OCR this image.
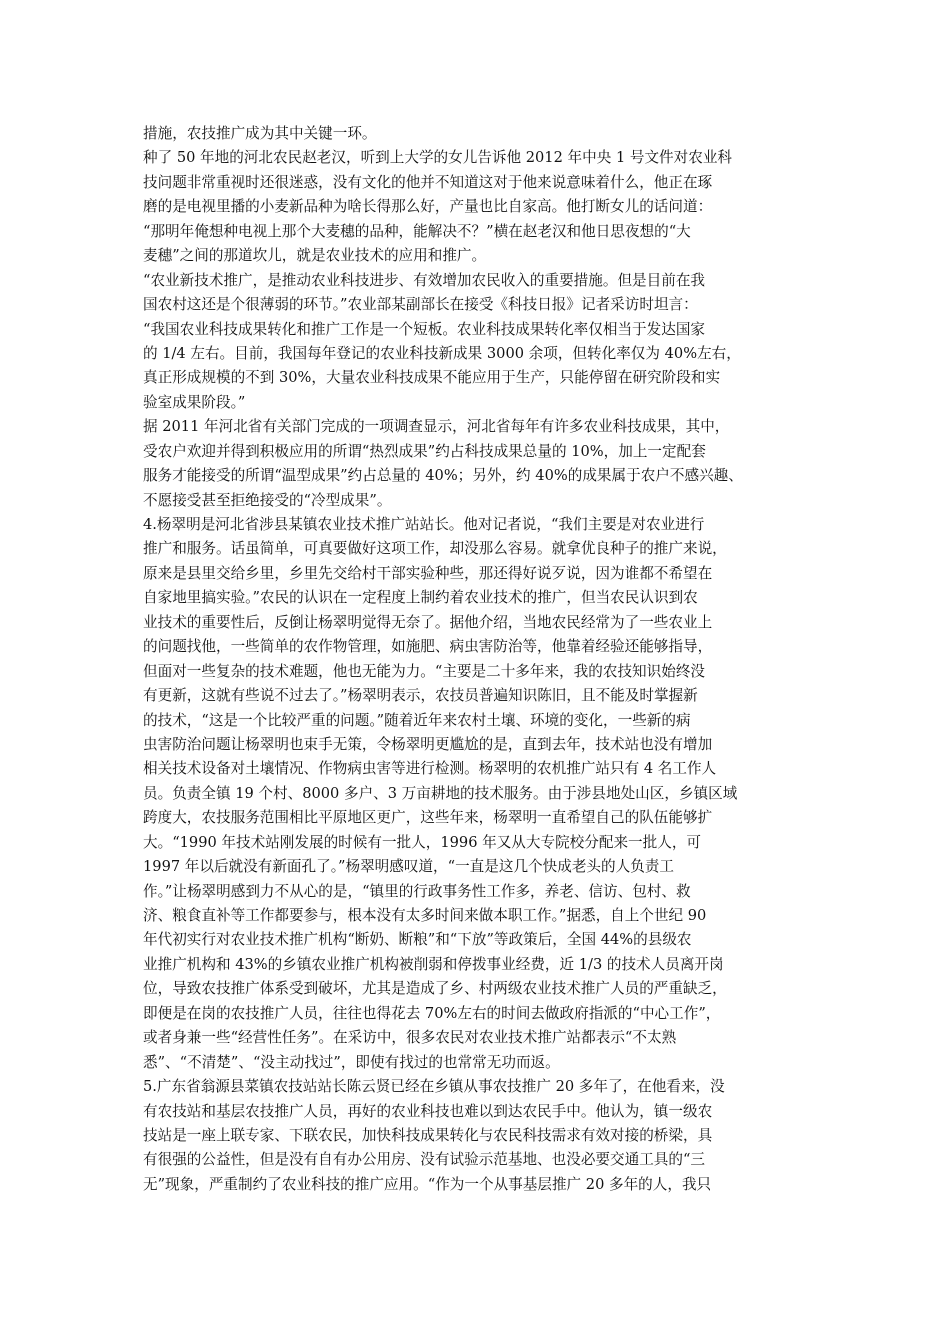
措施，农技推广成为其中关键一环。
种了 50 年地的河北农民赵老汉，听到上大学的女儿告诉他 2012 年中央 1 号文件对农业科
技问题非常重视时还很迷惑，没有文化的他并不知道这对于他来说意味着什么，他正在琢
磨的是电视里播的小麦新品种为啥长得那么好，产量也比自家高。他打断女儿的话问道：
“那明年俺想种电视上那个大麦穗的品种，能解决不？”横在赵老汉和他日思夜想的“大
麦穗”之间的那道坎儿，就是农业技术的应用和推广。
“农业新技术推广，是推动农业科技进步、有效增加农民收入的重要措施。但是目前在我
国农村这还是个很薄弱的环节。”农业部某副部长在接受《科技日报》记者采访时坦言：
“我国农业科技成果转化和推广工作是一个短板。农业科技成果转化率仅相当于发达国家
的 1/4 左右。目前，我国每年登记的农业科技新成果 3000 余项，但转化率仅为 40%左右，
真正形成规模的不到 30%，大量农业科技成果不能应用于生产，只能停留在研究阶段和实
验室成果阶段。”
据 2011 年河北省有关部门完成的一项调查显示，河北省每年有许多农业科技成果，其中，
受农户欢迎并得到积极应用的所谓“热烈成果”约占科技成果总量的 10%，加上一定配套
服务才能接受的所谓“温型成果”约占总量的 40%；另外，约 40%的成果属于农户不感兴趣、
不愿接受甚至拒绝接受的“冷型成果”。
4.杨翠明是河北省涉县某镇农业技术推广站站长。他对记者说，“我们主要是对农业进行
推广和服务。话虽简单，可真要做好这项工作，却没那么容易。就拿优良种子的推广来说，
原来是县里交给乡里，乡里先交给村干部实验种些，那还得好说歹说，因为谁都不希望在
自家地里搞实验。”农民的认识在一定程度上制约着农业技术的推广，但当农民认识到农
业技术的重要性后，反倒让杨翠明觉得无奈了。据他介绍，当地农民经常为了一些农业上
的问题找他，一些简单的农作物管理，如施肥、病虫害防治等，他靠着经验还能够指导，
但面对一些复杂的技术难题，他也无能为力。“主要是二十多年来，我的农技知识始终没
有更新，这就有些说不过去了。”杨翠明表示，农技员普遍知识陈旧，且不能及时掌握新
的技术，“这是一个比较严重的问题。”随着近年来农村土壤、环境的变化，一些新的病
虫害防治问题让杨翠明也束手无策，令杨翠明更尴尬的是，直到去年，技术站也没有增加
相关技术设备对土壤情况、作物病虫害等进行检测。杨翠明的农机推广站只有 4 名工作人
员。负责全镇 19 个村、8000 多户、3 万亩耕地的技术服务。由于涉县地处山区，乡镇区域
跨度大，农技服务范围相比平原地区更广，这些年来，杨翠明一直希望自己的队伍能够扩
大。“1990 年技术站刚发展的时候有一批人，1996 年又从大专院校分配来一批人，可
1997 年以后就没有新面孔了。”杨翠明感叹道，“一直是这几个快成老头的人负责工
作。”让杨翠明感到力不从心的是，“镇里的行政事务性工作多，养老、信访、包村、救
济、粮食直补等工作都要参与，根本没有太多时间来做本职工作。”据悉，自上个世纪 90
年代初实行对农业技术推广机构“断奶、断粮”和“下放”等政策后，全国 44%的县级农
业推广机构和 43%的乡镇农业推广机构被削弱和停拨事业经费，近 1/3 的技术人员离开岗
位，导致农技推广体系受到破坏，尤其是造成了乡、村两级农业技术推广人员的严重缺乏，
即便是在岗的农技推广人员，往往也得花去 70%左右的时间去做政府指派的“中心工作”，
或者身兼一些“经营性任务”。在采访中，很多农民对农业技术推广站都表示“不太熟
悉”、“不清楚”、“没主动找过”，即使有找过的也常常无功而返。
5.广东省翁源县菜镇农技站站长陈云贤已经在乡镇从事农技推广 20 多年了，在他看来，没
有农技站和基层农技推广人员，再好的农业科技也难以到达农民手中。他认为，镇一级农
技站是一座上联专家、下联农民，加快科技成果转化与农民科技需求有效对接的桥梁，具
有很强的公益性，但是没有自有办公用房、没有试验示范基地、也没必要交通工具的“三
无”现象，严重制约了农业科技的推广应用。“作为一个从事基层推广 20 多年的人，我只
